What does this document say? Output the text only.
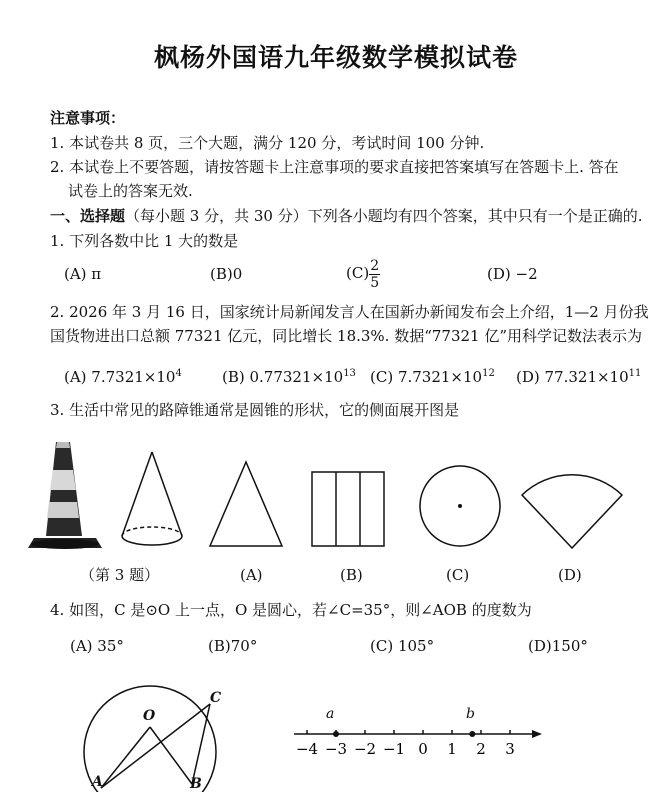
枫杨外国语九年级数学模拟试卷
注意事项：
1. 本试卷共 8 页，三个大题，满分 120 分，考试时间 100 分钟.
2. 本试卷上不要答题，请按答题卡上注意事项的要求直接把答案填写在答题卡上. 答在
试卷上的答案无效.
一、选择题（每小题 3 分，共 30 分）下列各小题均有四个答案，其中只有一个是正确的.
1. 下列各数中比 1 大的数是
(A) π	(B)0	$(C) \frac{2}{5}$	(D) −2
2. 2026 年 3 月 16 日，国家统计局新闻发言人在国新办新闻发布会上介绍，1—2 月份我
国货物进出口总额 77321 亿元，同比增长 18.3%. 数据“77321 亿”用科学记数法表示为
(A) $7.7321\times 10^4$	(B) $0.77321\times 10^{13}$ (C) $7.7321\times 10^{12}$ (D) $77.321\times 10^{11}$
3. 生活中常见的路障锥通常是圆锥的形状，它的侧面展开图是
（第 3 题）	(A)	(B)	(C)	(D)
4. 如图，C 是⊙O 上一点，O 是圆心，若∠C=35°，则∠AOB 的度数为
(A) 35°	(B)70°	(C) 105°	(D)150°
O
C
A	B
−4 −3 −2 −1 0 1 2 3
a	b
